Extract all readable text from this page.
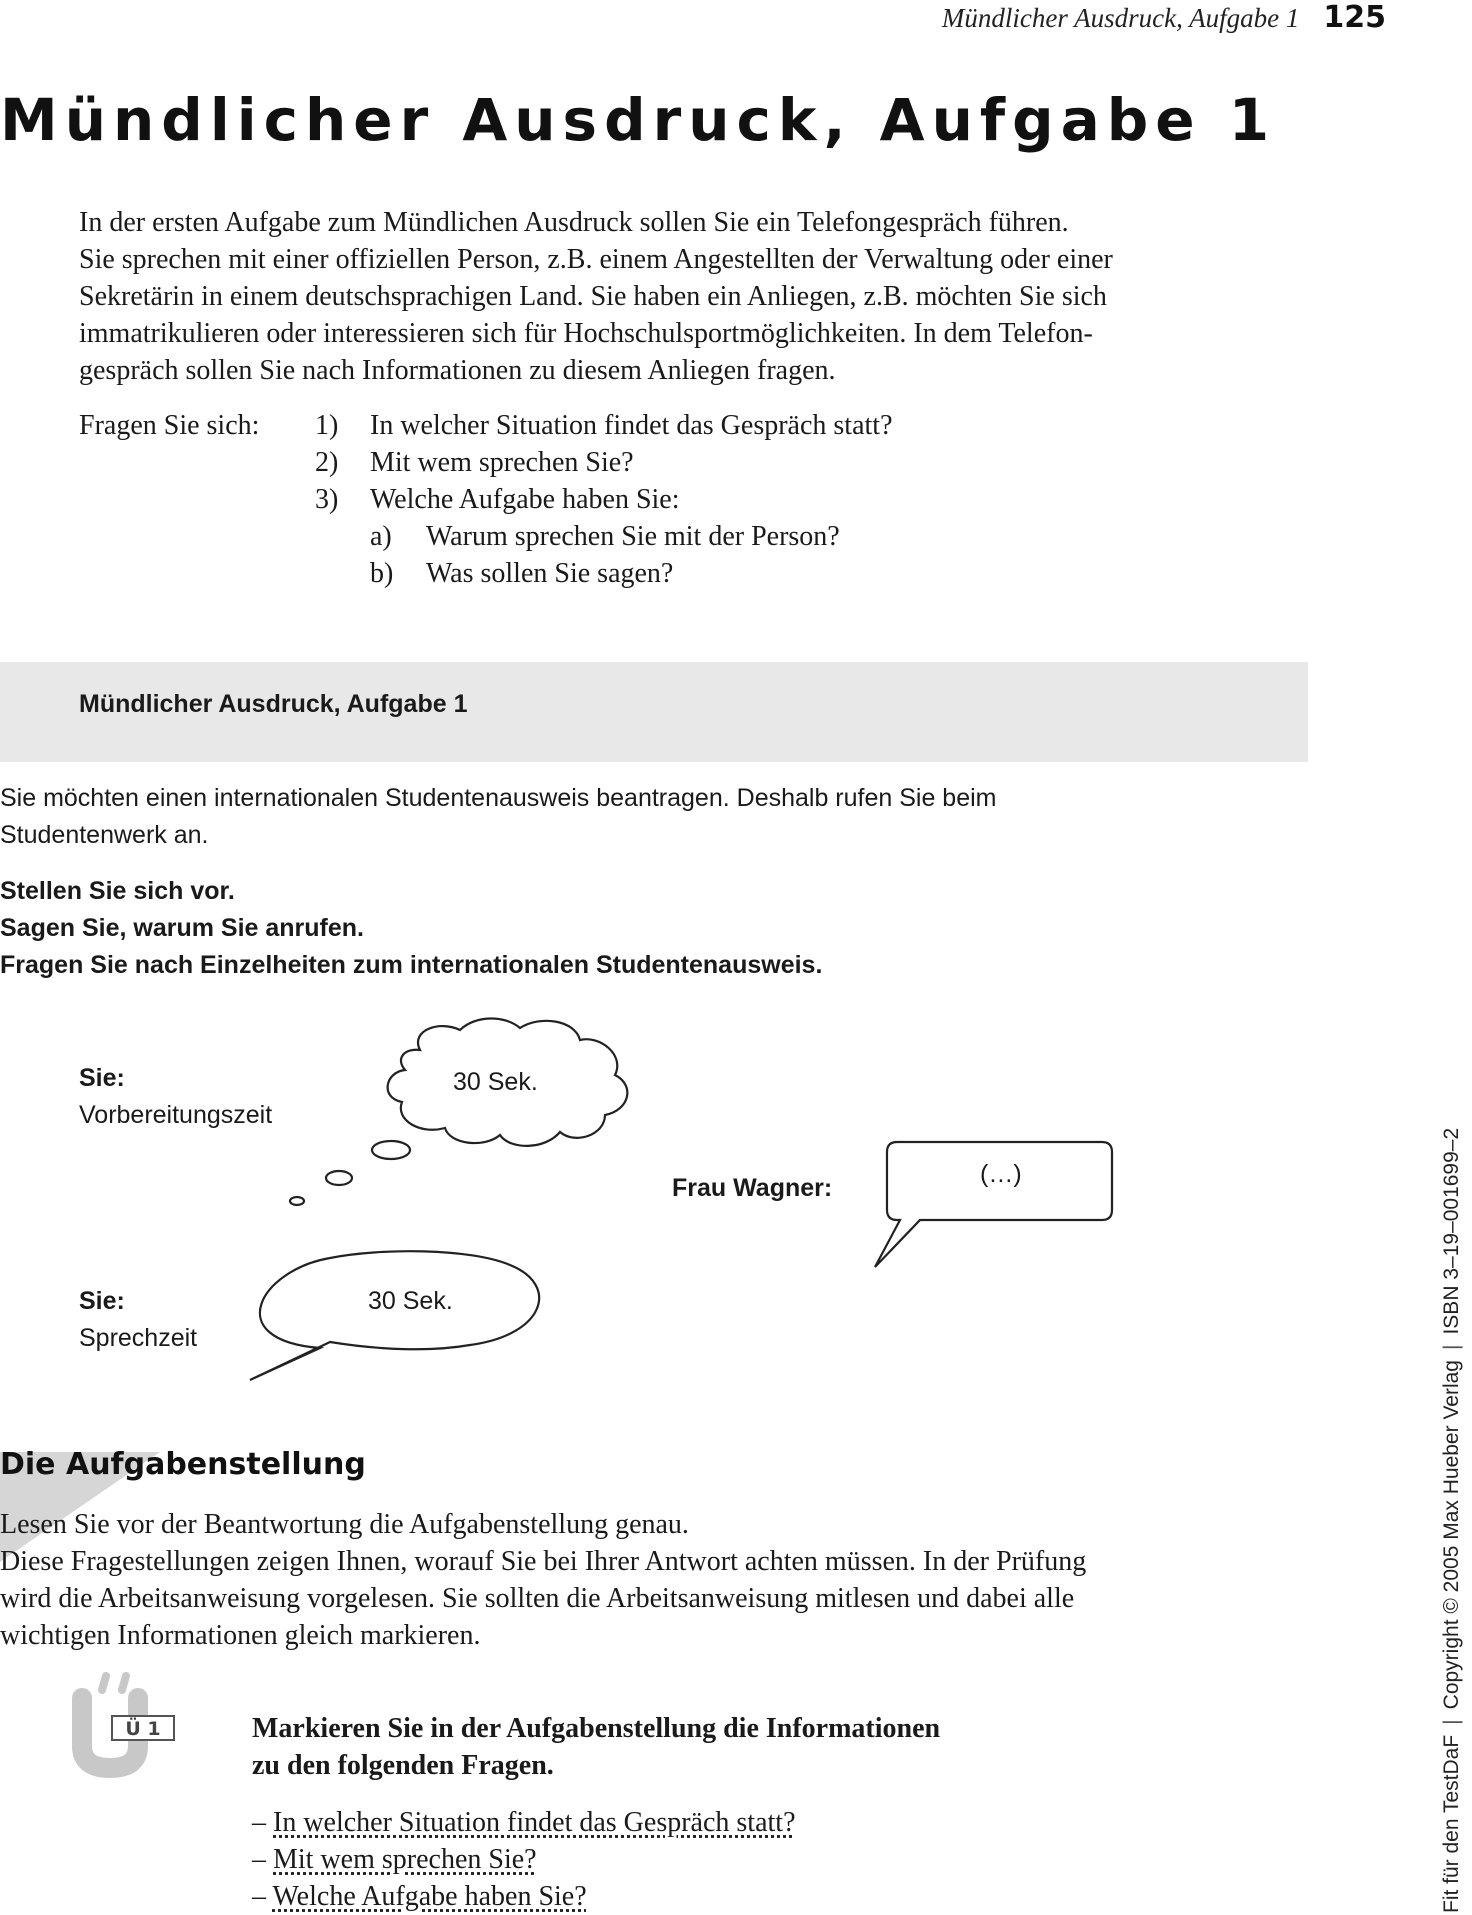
Mündlicher Ausdruck, Aufgabe 1 125
Mündlicher Ausdruck, Aufgabe 1

In der ersten Aufgabe zum Mündlichen Ausdruck sollen Sie ein Telefongespräch führen.

Sie sprechen mit einer offiziellen Person, z.B. einem Angestellten der Verwaltung oder einer

Sekretärin in einem deutschsprachigen Land. Sie haben ein Anliegen, z.B. möchten Sie sich

immatrikulieren oder interessieren sich für Hochschulsportmöglichkeiten. In dem Telefon-

gespräch sollen Sie nach Informationen zu diesem Anliegen fragen.

Fragen Sie sich: 1) In welcher Situation findet das Gespräch statt?
2) Mit wem sprechen Sie?
3) Welche Aufgabe haben Sie:
a) Warum sprechen Sie mit der Person?
b) Was sollen Sie sagen?
Mündlicher Ausdruck, Aufgabe 1
Sie möchten einen internationalen Studentenausweis beantragen. Deshalb rufen Sie beim
Studentenwerk an.
Stellen Sie sich vor.
Sagen Sie, warum Sie anrufen.
Fragen Sie nach Einzelheiten zum internationalen Studentenausweis.
Sie:
Vorbereitungszeit
30 Sek.
Frau Wagner:	(…)
Sie:
Sprechzeit
30 Sek.
Die Aufgabenstellung

Lesen Sie vor der Beantwortung die Aufgabenstellung genau.

Diese Fragestellungen zeigen Ihnen, worauf Sie bei Ihrer Antwort achten müssen. In der Prüfung

wird die Arbeitsanweisung vorgelesen. Sie sollten die Arbeitsanweisung mitlesen und dabei alle

wichtigen Informationen gleich markieren.

Ü 1	Markieren Sie in der Aufgabenstellung die Informationen
zu den folgenden Fragen.
– In welcher Situation findet das Gespräch statt?
– Mit wem sprechen Sie?
– Welche Aufgabe haben Sie?	Fit für den TestDaF|Copyright © 2005 Max Hueber Verlag|ISBN 3–19–001699–2
